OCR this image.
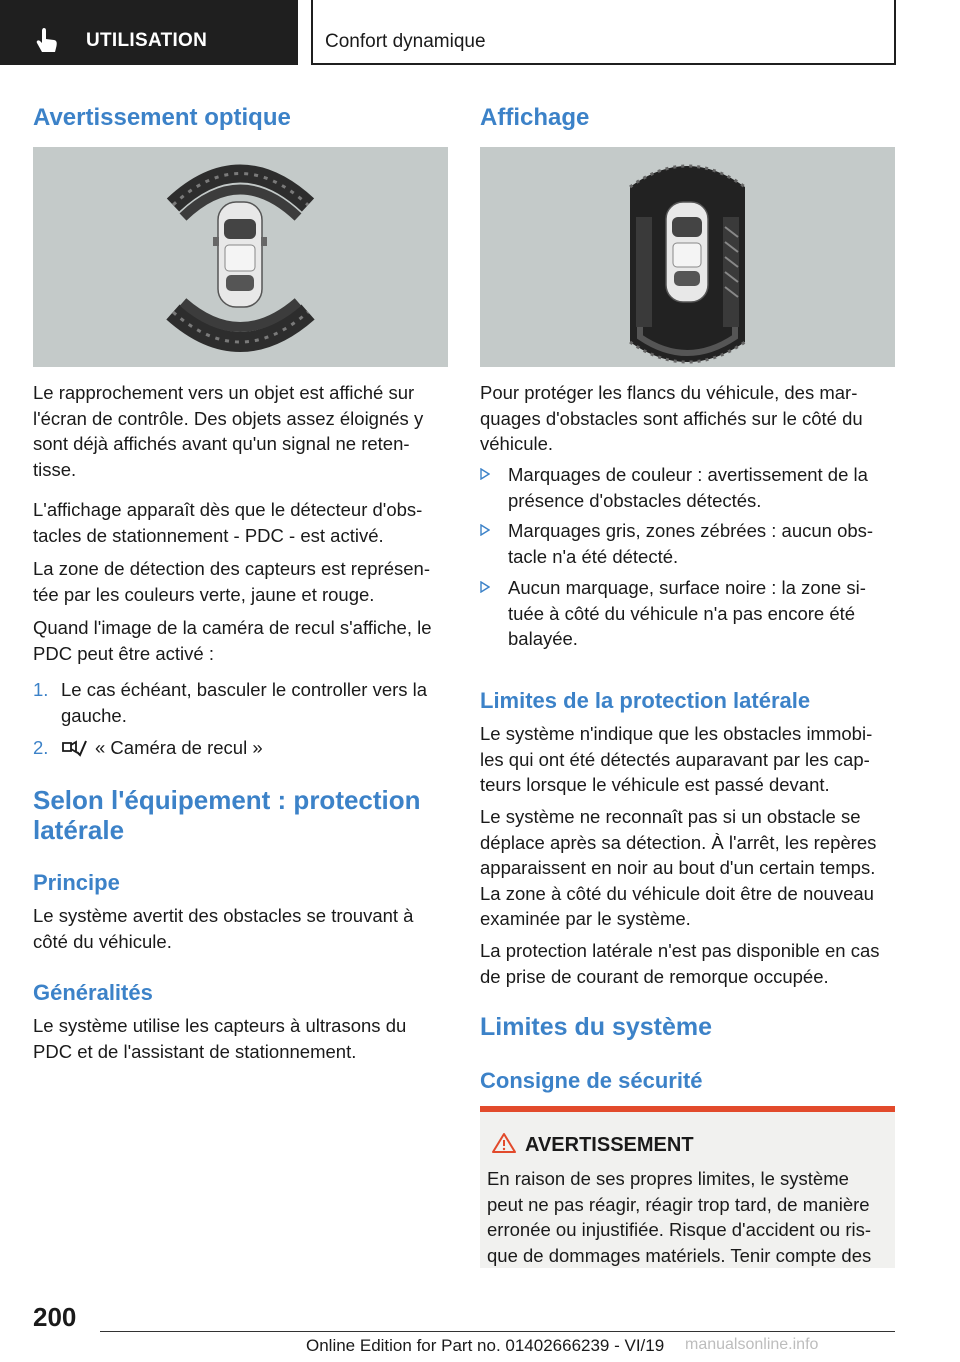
UTILISATION	Confort dynamique
Avertissement optique
Le rapprochement vers un objet est affiché sur
l'écran de contrôle. Des objets assez éloignés y
sont déjà affichés avant qu'un signal ne reten-
tisse.
L'affichage apparaît dès que le détecteur d'obs-
tacles de stationnement - PDC - est activé.
La zone de détection des capteurs est représen-
tée par les couleurs verte, jaune et rouge.
Quand l'image de la caméra de recul s'affiche, le
PDC peut être activé :
1. Le cas échéant, basculer le controller vers la
gauche.
2.	« Caméra de recul »
Selon l'équipement : protection
latérale
Principe
Le système avertit des obstacles se trouvant à
côté du véhicule.
Généralités
Le système utilise les capteurs à ultrasons du
PDC et de l'assistant de stationnement.
Affichage
Pour protéger les flancs du véhicule, des mar-
quages d'obstacles sont affichés sur le côté du
véhicule.
Marquages de couleur : avertissement de la
présence d'obstacles détectés.
Marquages gris, zones zébrées : aucun obs-
tacle n'a été détecté.
Aucun marquage, surface noire : la zone si-
tuée à côté du véhicule n'a pas encore été
balayée.
Limites de la protection latérale
Le système n'indique que les obstacles immobi-
les qui ont été détectés auparavant par les cap-
teurs lorsque le véhicule est passé devant.
Le système ne reconnaît pas si un obstacle se
déplace après sa détection. À l'arrêt, les repères
apparaissent en noir au bout d'un certain temps.
La zone à côté du véhicule doit être de nouveau
examinée par le système.
La protection latérale n'est pas disponible en cas
de prise de courant de remorque occupée.
Limites du système
Consigne de sécurité
AVERTISSEMENT
En raison de ses propres limites, le système
peut ne pas réagir, réagir trop tard, de manière
erronée ou injustifiée. Risque d'accident ou ris-
que de dommages matériels. Tenir compte des
200
Online Edition for Part no. 01402666239 - VI/19 manualsonline.info
